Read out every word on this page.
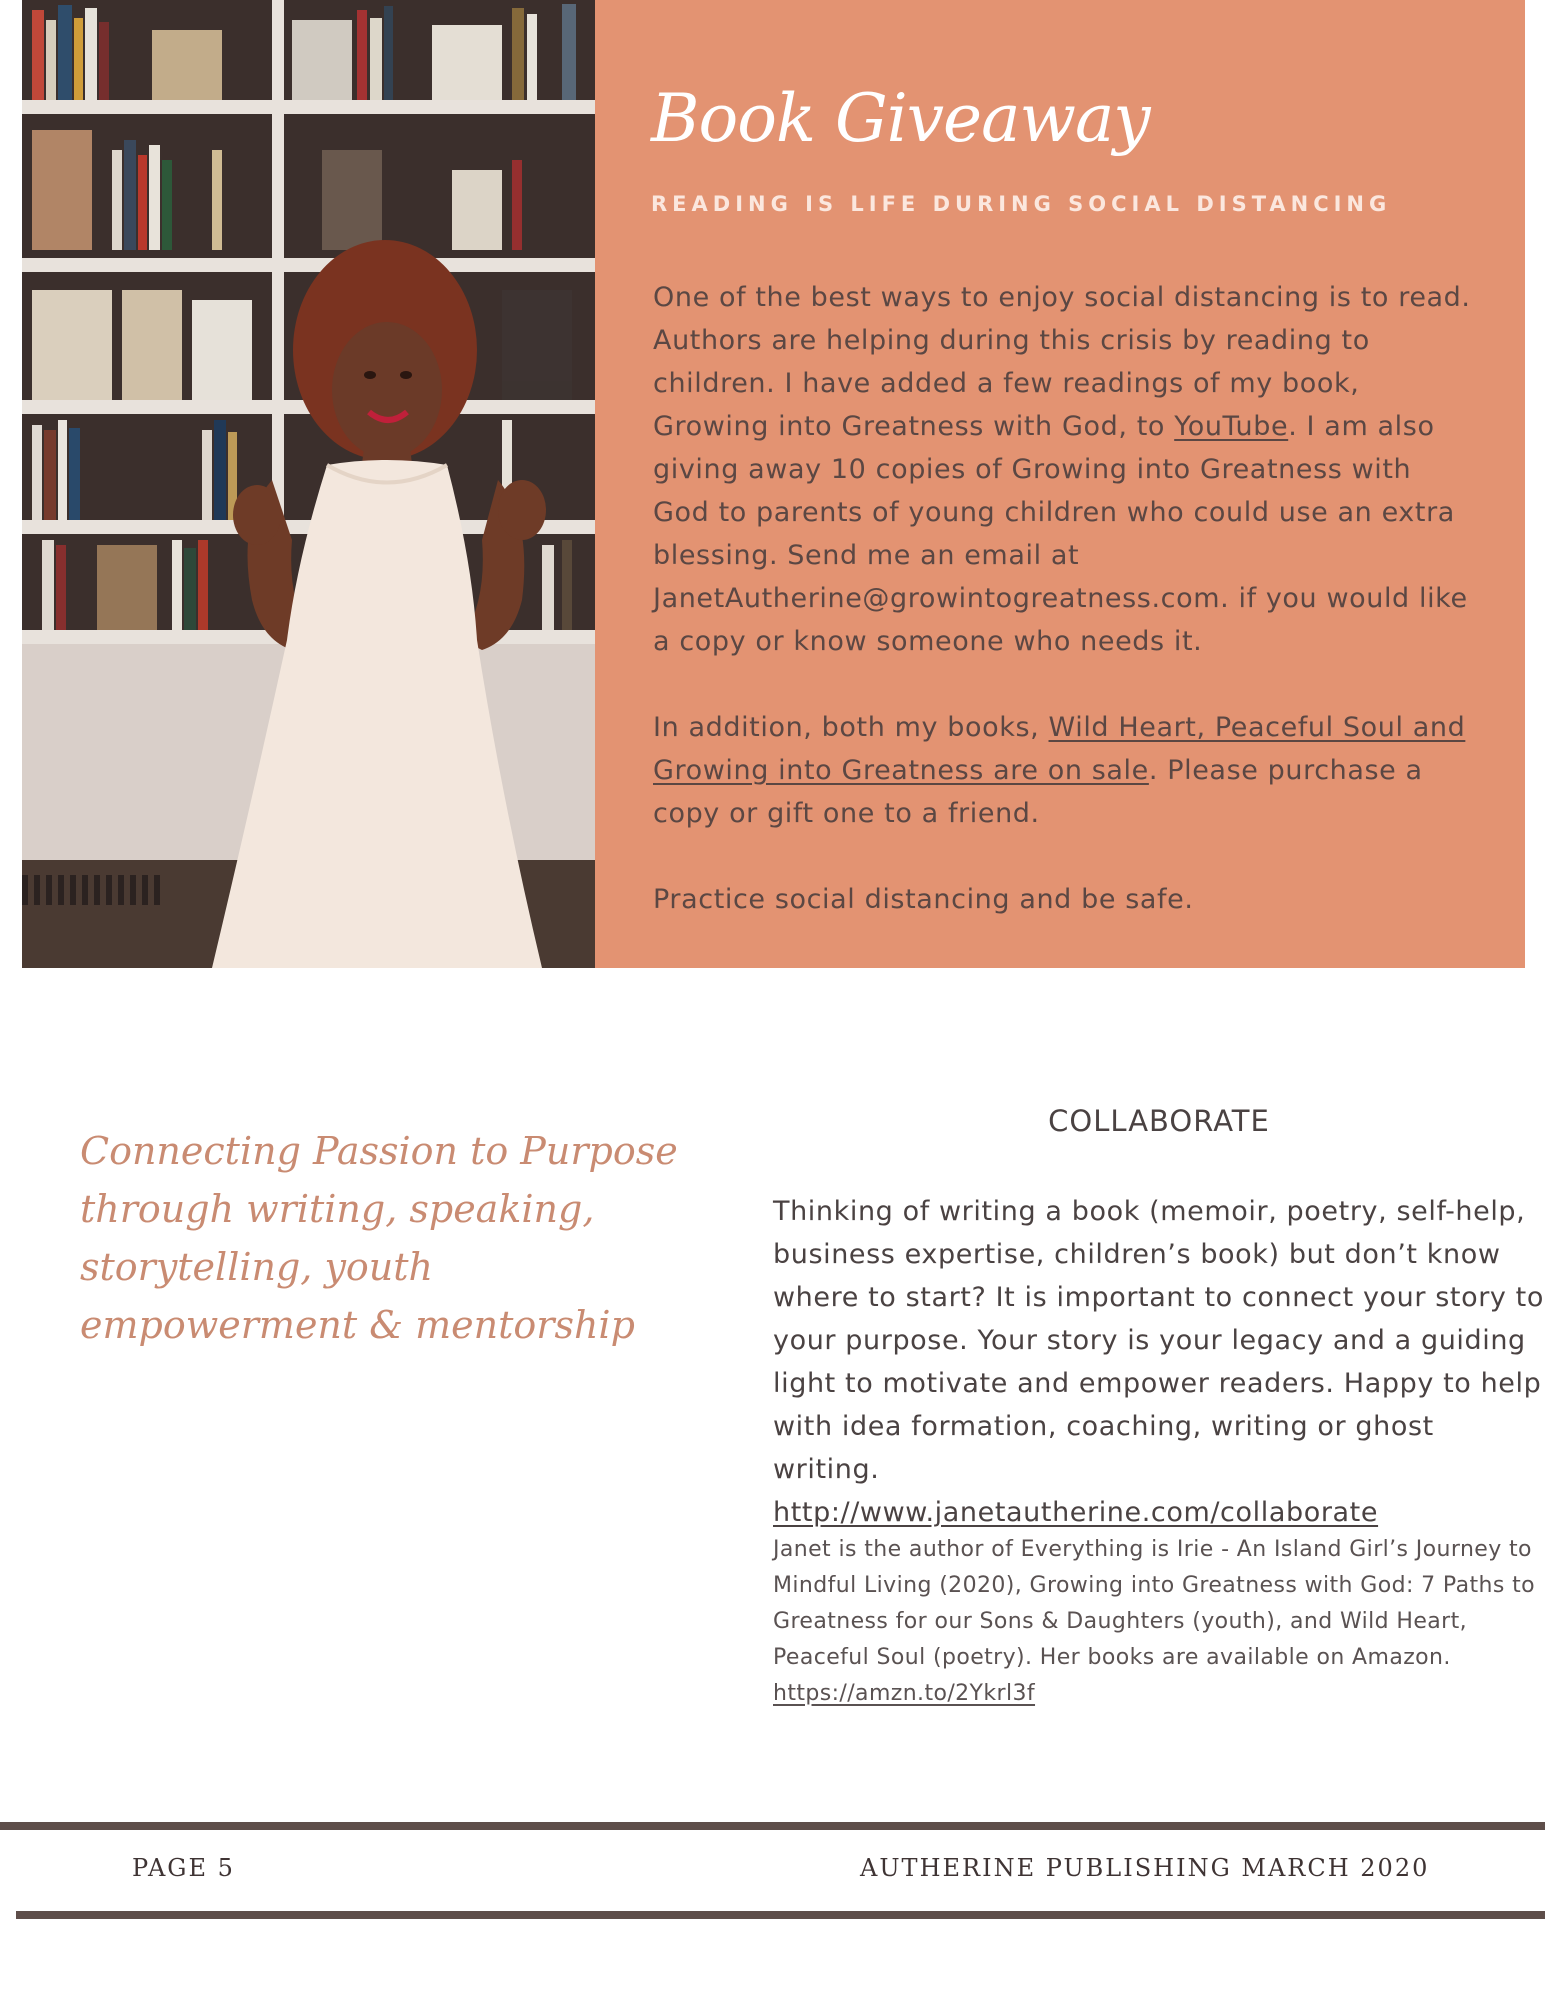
Book Giveaway
READING IS LIFE DURING SOCIAL DISTANCING

One of the best ways to enjoy social distancing is to read. Authors are helping during this crisis by reading to children. I have added a few readings of my book, Growing into Greatness with God, to YouTube. I am also giving away 10 copies of Growing into Greatness with God to parents of young children who could use an extra blessing. Send me an email at JanetAutherine@growintogreatness.com. if you would like a copy or know someone who needs it.

In addition, both my books, Wild Heart, Peaceful Soul and Growing into Greatness are on sale. Please purchase a copy or gift one to a friend.

Practice social distancing and be safe.

Connecting Passion to Purpose through writing, speaking, storytelling, youth empowerment & mentorship
COLLABORATE

Thinking of writing a book (memoir, poetry, self-help, business expertise, children’s book) but don’t know where to start? It is important to connect your story to your purpose. Your story is your legacy and a guiding light to motivate and empower readers. Happy to help with idea formation, coaching, writing or ghost writing.

http://www.janetautherine.com/collaborate

Janet is the author of Everything is Irie - An Island Girl’s Journey to Mindful Living (2020), Growing into Greatness with God: 7 Paths to Greatness for our Sons & Daughters (youth), and Wild Heart, Peaceful Soul (poetry). Her books are available on Amazon.

https://amzn.to/2Ykrl3f

PAGE 5	AUTHERINE PUBLISHING MARCH 2020
